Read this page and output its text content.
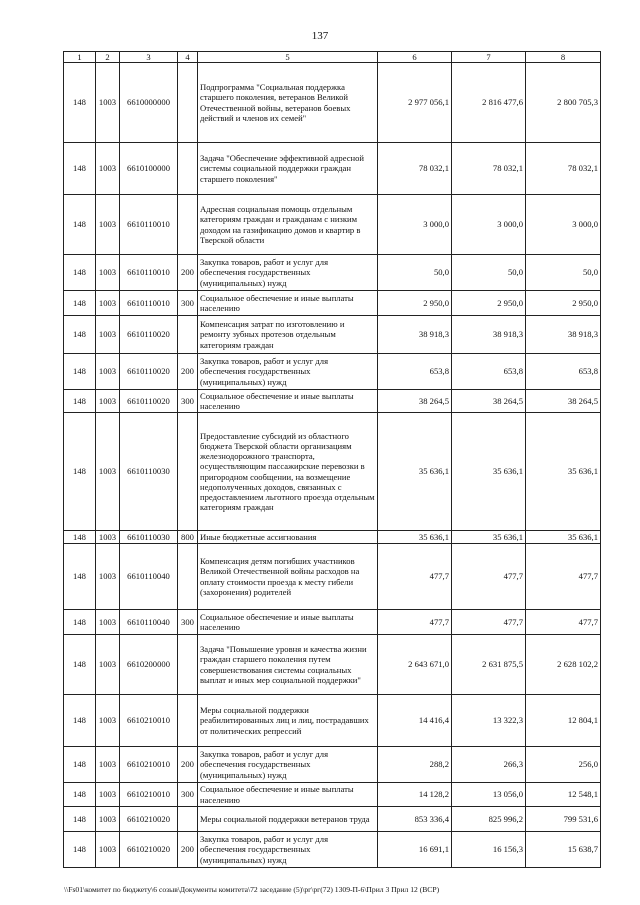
137
1	2	3	4	5	6	7	8
148	1003	6610000000		Подпрограмма "Социальная поддержка старшего поколения, ветеранов Великой Отечественной войны, ветеранов боевых действий и членов их семей"	2 977 056,1	2 816 477,6	2 800 705,3
148	1003	6610100000		Задача "Обеспечение эффективной адресной системы социальной поддержки граждан старшего поколения"	78 032,1	78 032,1	78 032,1
148	1003	6610110010		Адресная социальная помощь отдельным категориям граждан и гражданам с низким доходом на газификацию домов и квартир в Тверской области	3 000,0	3 000,0	3 000,0
148	1003	6610110010	200	Закупка товаров, работ и услуг для обеспечения государственных (муниципальных) нужд	50,0	50,0	50,0
148	1003	6610110010	300	Социальное обеспечение и иные выплаты населению	2 950,0	2 950,0	2 950,0
148	1003	6610110020		Компенсация затрат по изготовлению и ремонту зубных протезов отдельным категориям граждан	38 918,3	38 918,3	38 918,3
148	1003	6610110020	200	Закупка товаров, работ и услуг для обеспечения государственных (муниципальных) нужд	653,8	653,8	653,8
148	1003	6610110020	300	Социальное обеспечение и иные выплаты населению	38 264,5	38 264,5	38 264,5
148	1003	6610110030		Предоставление субсидий из областного бюджета Тверской области организациям железнодорожного транспорта, осуществляющим пассажирские перевозки в пригородном сообщении, на возмещение недополученных доходов, связанных с предоставлением льготного проезда отдельным категориям граждан	35 636,1	35 636,1	35 636,1
148	1003	6610110030	800	Иные бюджетные ассигнования	35 636,1	35 636,1	35 636,1
148	1003	6610110040		Компенсация детям погибших участников Великой Отечественной войны расходов на оплату стоимости проезда к месту гибели (захоронения) родителей	477,7	477,7	477,7
148	1003	6610110040	300	Социальное обеспечение и иные выплаты населению	477,7	477,7	477,7
148	1003	6610200000		Задача "Повышение уровня и качества жизни граждан старшего поколения путем совершенствования системы социальных выплат и иных мер социальной поддержки"	2 643 671,0	2 631 875,5	2 628 102,2
148	1003	6610210010		Меры социальной поддержки реабилитированных лиц и лиц, пострадавших от политических репрессий	14 416,4	13 322,3	12 804,1
148	1003	6610210010	200	Закупка товаров, работ и услуг для обеспечения государственных (муниципальных) нужд	288,2	266,3	256,0
148	1003	6610210010	300	Социальное обеспечение и иные выплаты населению	14 128,2	13 056,0	12 548,1
148	1003	6610210020		Меры социальной поддержки ветеранов труда	853 336,4	825 996,2	799 531,6
148	1003	6610210020	200	Закупка товаров, работ и услуг для обеспечения государственных (муниципальных) нужд	16 691,1	16 156,3	15 638,7
\\Fs01\комитет по бюджету\6 созыв\Документы комитета\72 заседание (5)\рг\рг(72) 1309-П-6\Прил 3 Прил 12 (ВСР)
